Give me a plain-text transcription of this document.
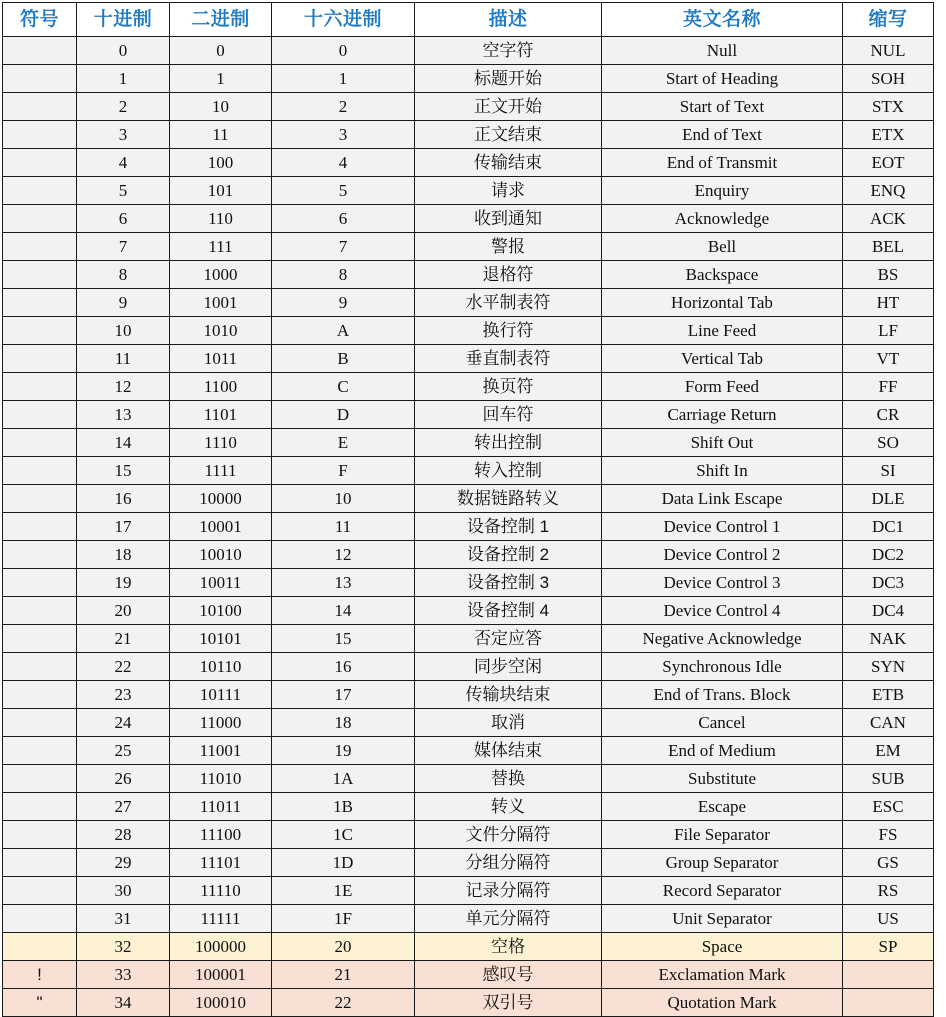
符号	十进制	二进制	十六进制	描述	英文名称	缩写
	0	0	0	空字符	Null	NUL
	1	1	1	标题开始	Start of Heading	SOH
	2	10	2	正文开始	Start of Text	STX
	3	11	3	正文结束	End of Text	ETX
	4	100	4	传输结束	End of Transmit	EOT
	5	101	5	请求	Enquiry	ENQ
	6	110	6	收到通知	Acknowledge	ACK
	7	111	7	警报	Bell	BEL
	8	1000	8	退格符	Backspace	BS
	9	1001	9	水平制表符	Horizontal Tab	HT
	10	1010	A	换行符	Line Feed	LF
	11	1011	B	垂直制表符	Vertical Tab	VT
	12	1100	C	换页符	Form Feed	FF
	13	1101	D	回车符	Carriage Return	CR
	14	1110	E	转出控制	Shift Out	SO
	15	1111	F	转入控制	Shift In	SI
	16	10000	10	数据链路转义	Data Link Escape	DLE
	17	10001	11	设备控制 1	Device Control 1	DC1
	18	10010	12	设备控制 2	Device Control 2	DC2
	19	10011	13	设备控制 3	Device Control 3	DC3
	20	10100	14	设备控制 4	Device Control 4	DC4
	21	10101	15	否定应答	Negative Acknowledge	NAK
	22	10110	16	同步空闲	Synchronous Idle	SYN
	23	10111	17	传输块结束	End of Trans. Block	ETB
	24	11000	18	取消	Cancel	CAN
	25	11001	19	媒体结束	End of Medium	EM
	26	11010	1A	替换	Substitute	SUB
	27	11011	1B	转义	Escape	ESC
	28	11100	1C	文件分隔符	File Separator	FS
	29	11101	1D	分组分隔符	Group Separator	GS
	30	11110	1E	记录分隔符	Record Separator	RS
	31	11111	1F	单元分隔符	Unit Separator	US
	32	100000	20	空格	Space	SP
!	33	100001	21	感叹号	Exclamation Mark	
"	34	100010	22	双引号	Quotation Mark	
